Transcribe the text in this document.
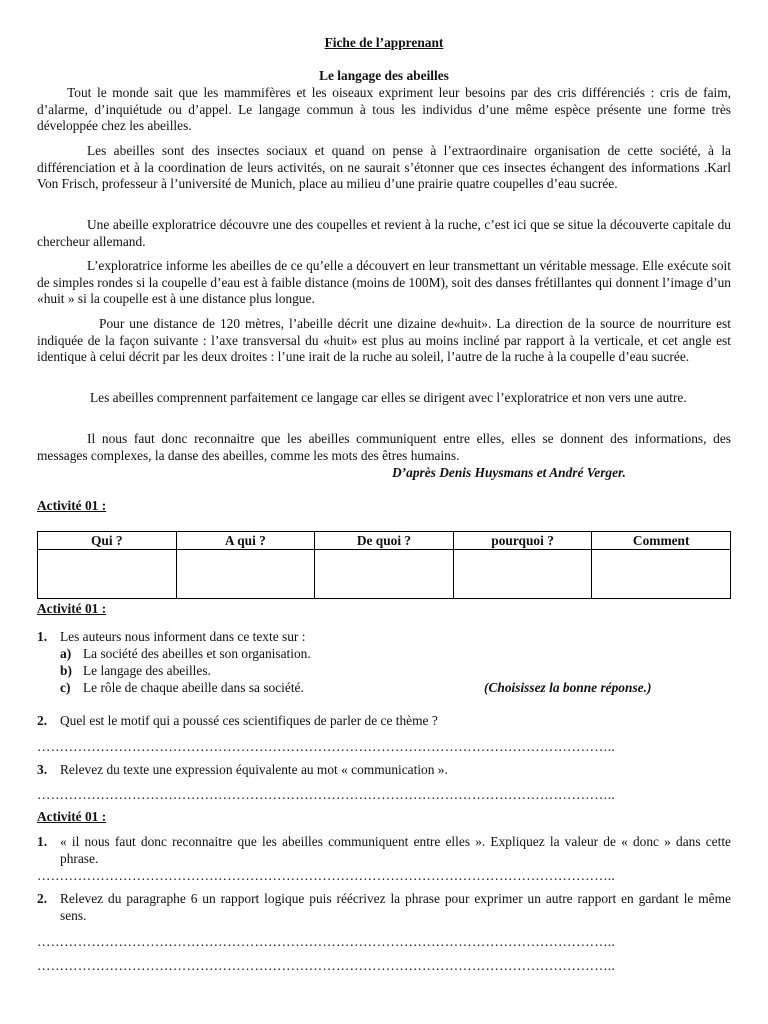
Fiche de l’apprenant
Le langage des abeilles

Tout le monde sait que les mammifères et les oiseaux expriment leur besoins par des cris différenciés : cris de faim, d’alarme, d’inquiétude ou d’appel. Le langage commun à tous les individus d’une même espèce présente une forme très développée chez les abeilles.

Les abeilles sont des insectes sociaux et quand on pense à l’extraordinaire organisation de cette société, à la différenciation et à la coordination de leurs activités, on ne saurait s’étonner que ces insectes échangent des informations .Karl Von Frisch, professeur à l’université de Munich, place au milieu d’une prairie quatre coupelles d’eau sucrée.

Une abeille exploratrice découvre une des coupelles et revient à la ruche, c’est ici que se situe la découverte capitale du chercheur allemand.

L’exploratrice informe les abeilles de ce qu’elle a découvert en leur transmettant un véritable message. Elle exécute soit de simples rondes si la coupelle d’eau est à faible distance (moins de 100M), soit des danses frétillantes qui donnent l’image d’un «huit » si la coupelle est à une distance plus longue.

Pour une distance de 120 mètres, l’abeille décrit une dizaine de«huit». La direction de la source de nourriture est indiquée de la façon suivante : l’axe transversal du «huit» est plus au moins incliné par rapport à la verticale, et cet angle est identique à celui décrit par les deux droites : l’une irait de la ruche au soleil, l’autre de la ruche à la coupelle d’eau sucrée.

Les abeilles comprennent parfaitement ce langage car elles se dirigent avec l’exploratrice et non vers une autre.

Il nous faut donc reconnaitre que les abeilles communiquent entre elles, elles se donnent des informations, des messages complexes, la danse des abeilles, comme les mots des êtres humains.

D’après Denis Huysmans et André Verger.
Activité 01 :
Qui ?	A qui ?	De quoi ?	pourquoi ?	Comment

Activité 01 :
1. Les auteurs nous informent dans ce texte sur :
a) La société des abeilles et son organisation.
b) Le langage des abeilles.
c) Le rôle de chaque abeille dans sa société.	(Choisissez la bonne réponse.)
2. Quel est le motif qui a poussé ces scientifiques de parler de ce thème ?
………………………………………………………………………………………………………………..
3. Relevez du texte une expression équivalente au mot « communication ».
………………………………………………………………………………………………………………..
Activité 01 :
1. « il nous faut donc reconnaitre que les abeilles communiquent entre elles ». Expliquez la valeur de « donc » dans cette phrase.
………………………………………………………………………………………………………………..
2. Relevez du paragraphe 6 un rapport logique puis réécrivez la phrase pour exprimer un autre rapport en gardant le même sens.
………………………………………………………………………………………………………………..
………………………………………………………………………………………………………………..
